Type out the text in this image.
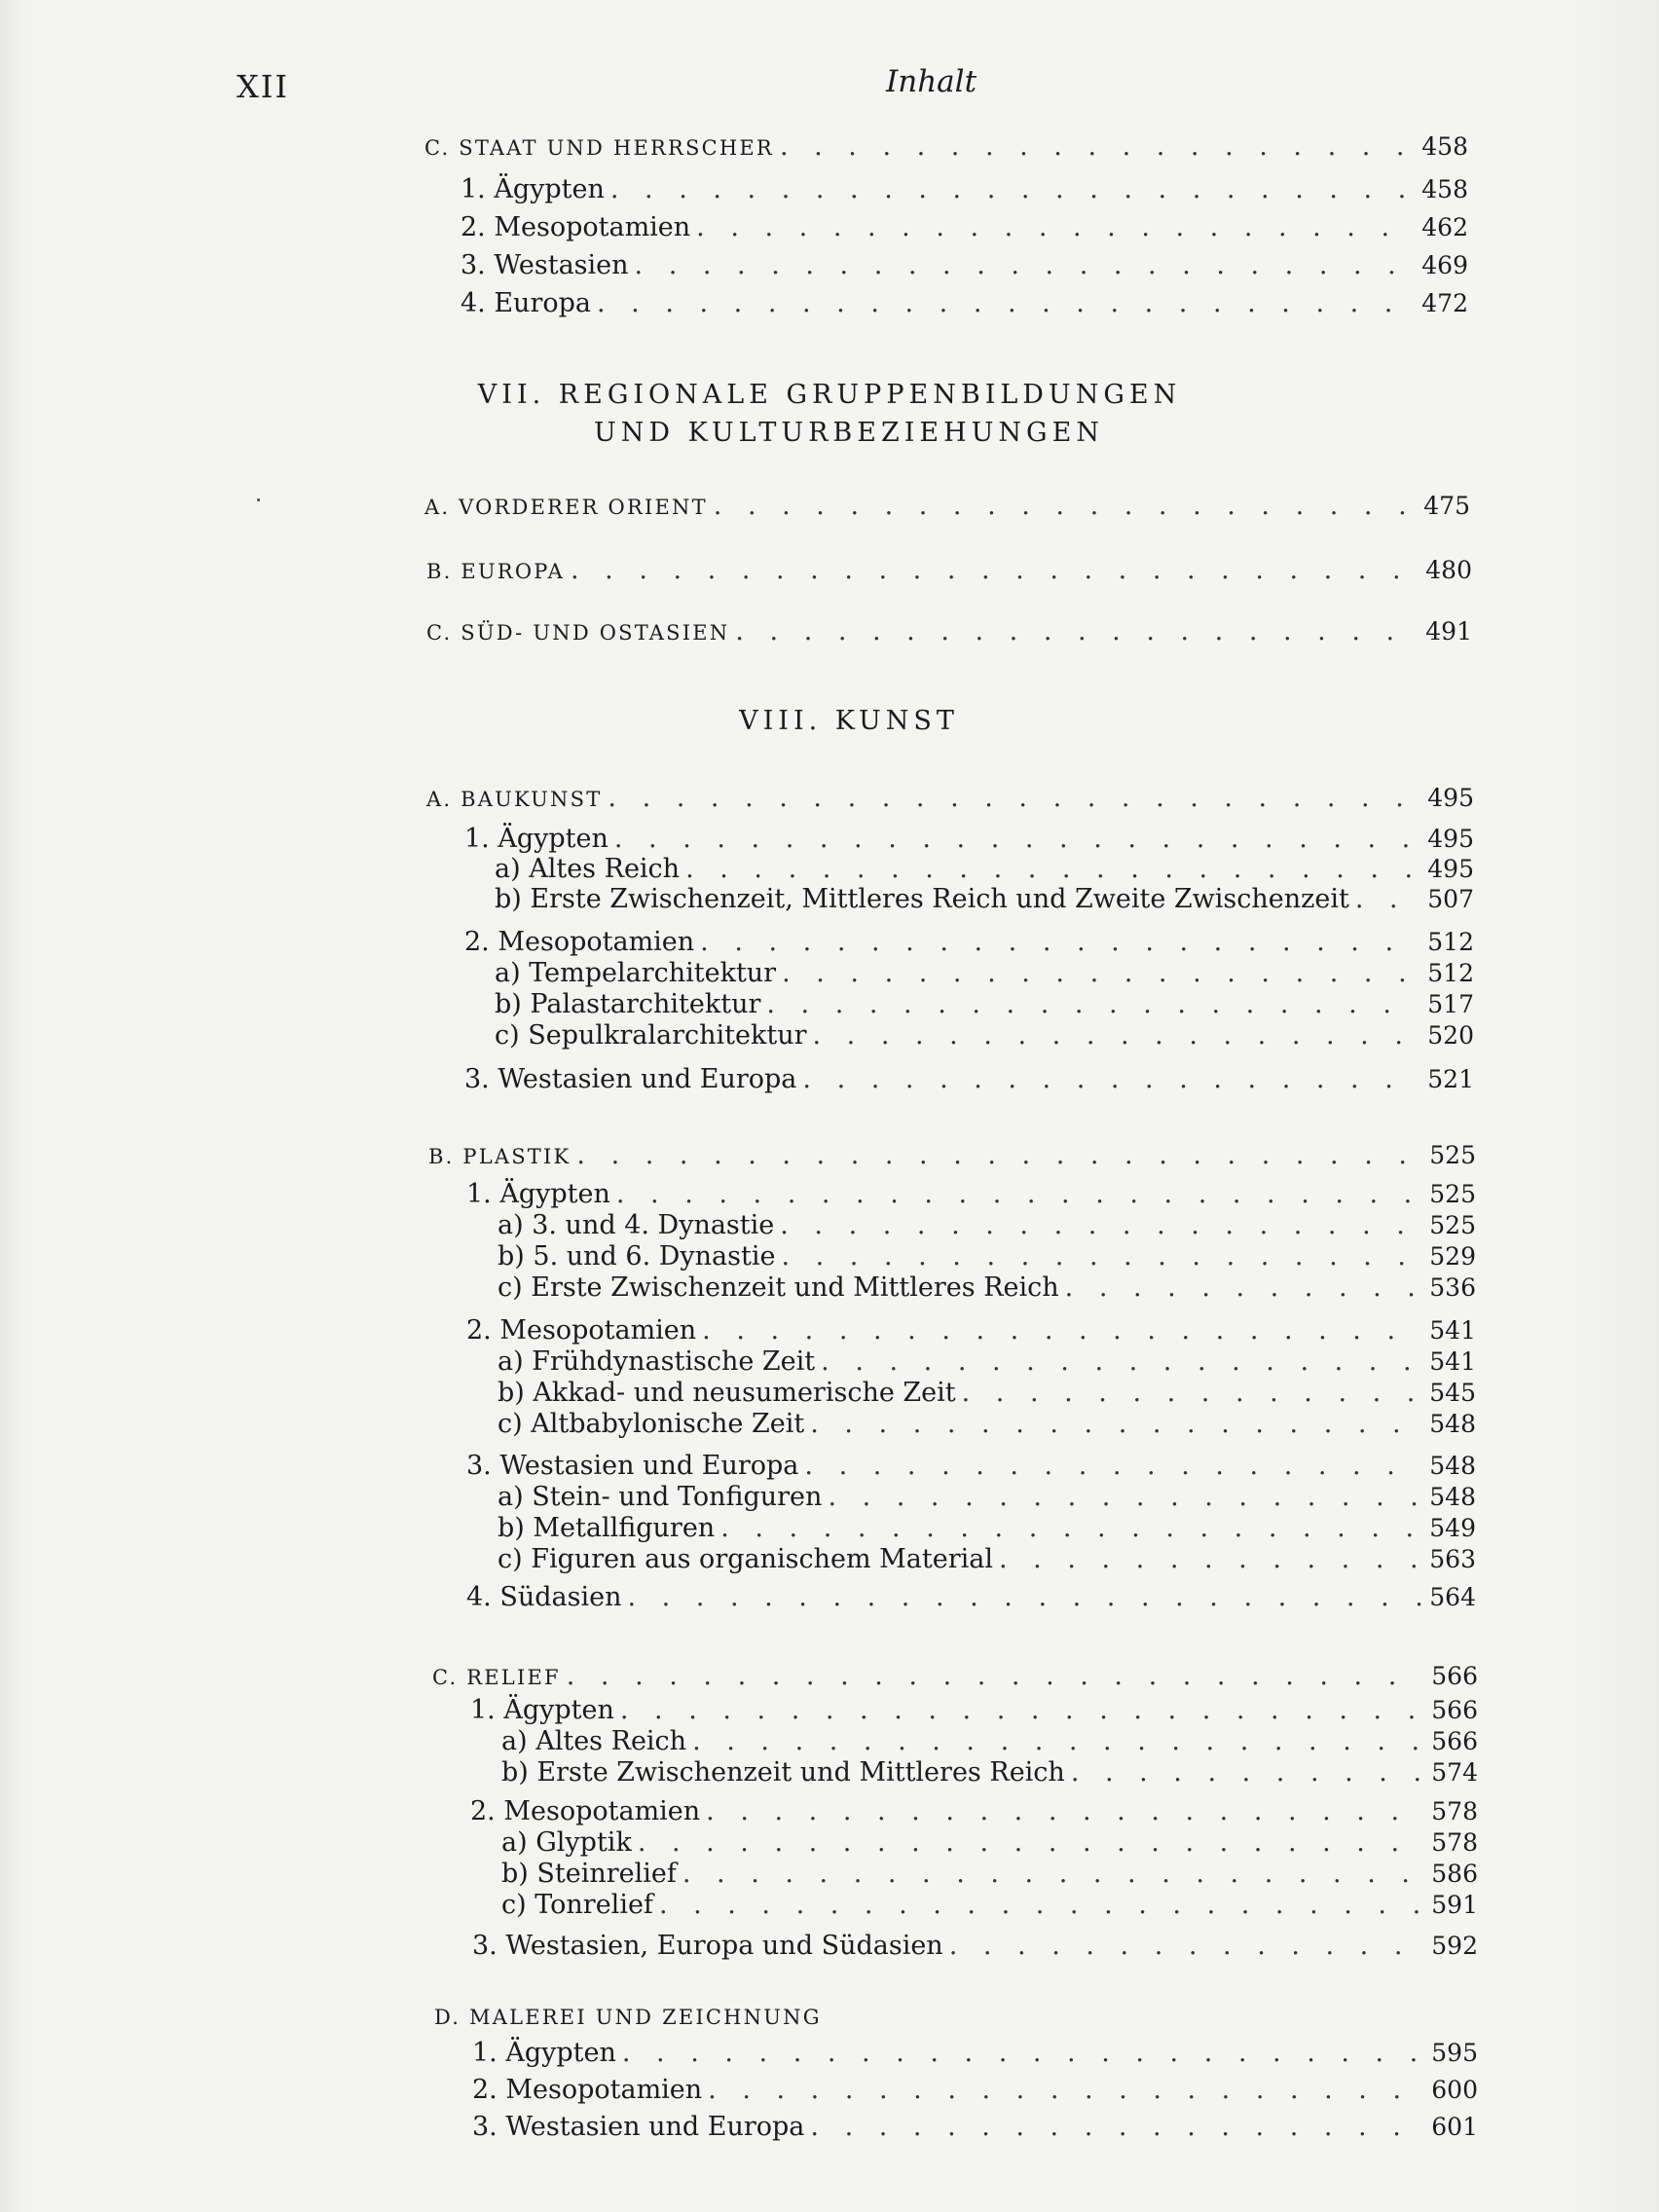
XII	Inhalt
C. STAAT UND HERRSCHER . . .	458
1. Ägypten . . .	458
2. Mesopotamien . . .	462
3. Westasien . . .	469
4. Europa . . .	472
VII. REGIONALE GRUPPENBILDUNGEN
UND KULTURBEZIEHUNGEN
A. VORDERER ORIENT . . .	475
B. EUROPA . . .	480
C. SÜD- UND OSTASIEN . . .	491
VIII. KUNST
A. BAUKUNST . . .	495
1. Ägypten . . .	495
a) Altes Reich . . .	495
b) Erste Zwischenzeit, Mittleres Reich und Zweite Zwischenzeit . . .	507
2. Mesopotamien . . .	512
a) Tempelarchitektur . . .	512
b) Palastarchitektur . . .	517
c) Sepulkralarchitektur . . .	520
3. Westasien und Europa . . .	521
B. PLASTIK . . .	525
1. Ägypten . . .	525
a) 3. und 4. Dynastie . . .	525
b) 5. und 6. Dynastie . . .	529
c) Erste Zwischenzeit und Mittleres Reich . . .	536
2. Mesopotamien . . .	541
a) Frühdynastische Zeit . . .	541
b) Akkad- und neusumerische Zeit . . .	545
c) Altbabylonische Zeit . . .	548
3. Westasien und Europa . . .	548
a) Stein- und Tonfiguren . . .	548
b) Metallfiguren . . .	549
c) Figuren aus organischem Material . . .	563
4. Südasien . . .	564
C. RELIEF . . .	566
1. Ägypten . . .	566
a) Altes Reich . . .	566
b) Erste Zwischenzeit und Mittleres Reich . . .	574
2. Mesopotamien . . .	578
a) Glyptik . . .	578
b) Steinrelief . . .	586
c) Tonrelief . . .	591
3. Westasien, Europa und Südasien . . .	592
D. MALEREI UND ZEICHNUNG
1. Ägypten . . .	595
2. Mesopotamien . . .	600
3. Westasien und Europa . . .	601
